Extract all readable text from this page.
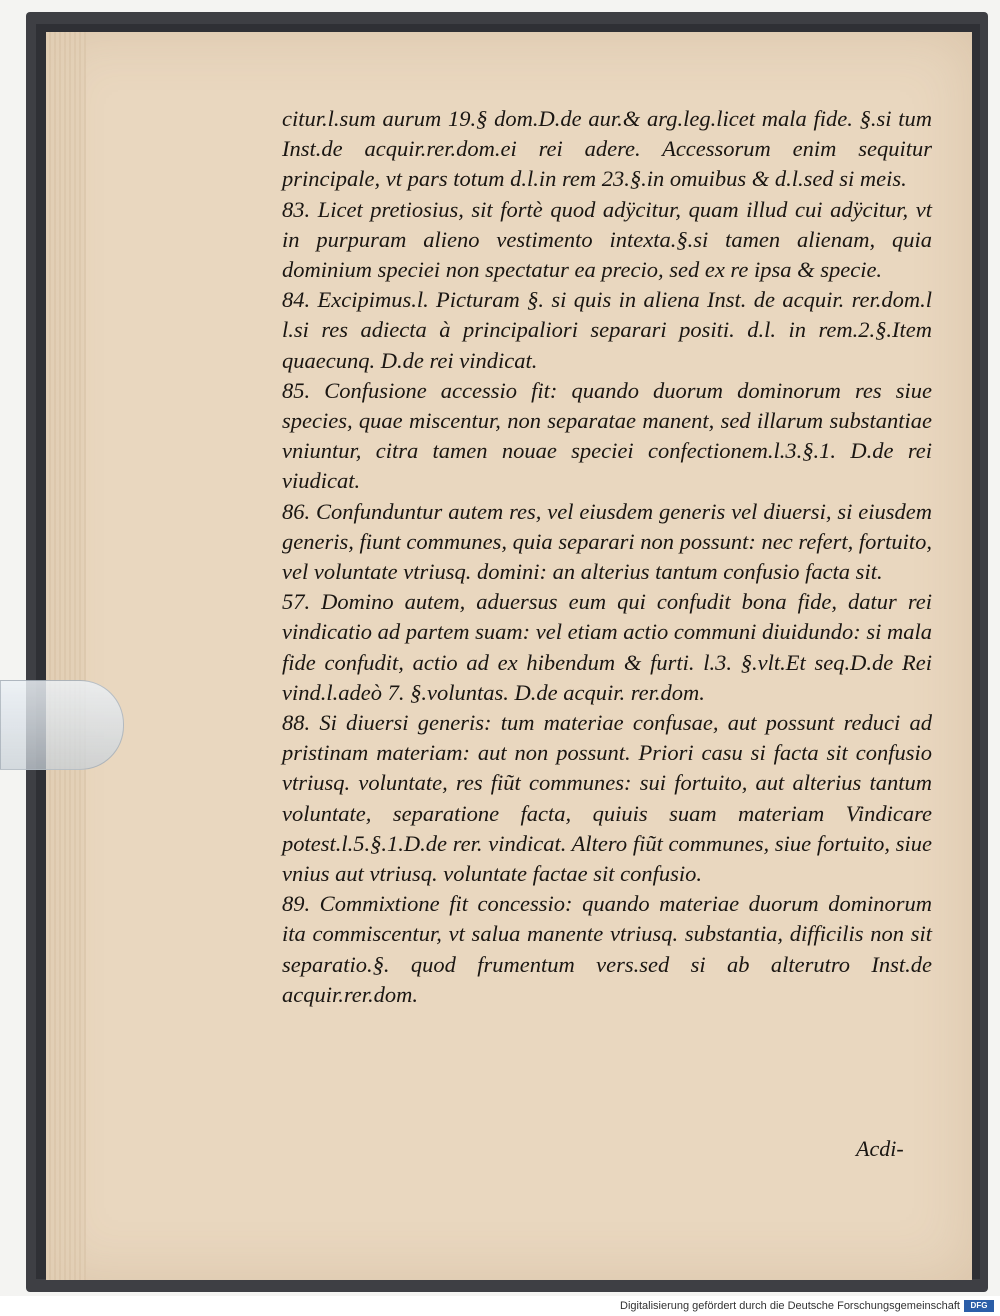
citur.l.sum aurum 19.§ dom.D.de aur.& arg.leg.licet mala fide. §.si tum Inst.de acquir.rer.dom.ei rei adere. Accessorum enim sequitur principale, vt pars totum d.l.in rem 23.§.in omuibus & d.l.sed si meis.

83. Licet pretiosius, sit fortè quod adÿcitur, quam illud cui adÿcitur, vt in purpuram alieno vestimento intexta.§.si tamen alienam, quia dominium speciei non spectatur ea precio, sed ex re ipsa & specie.

84. Excipimus.l. Picturam §. si quis in aliena Inst. de acquir. rer.dom.l l.si res adiecta à principaliori separari positi. d.l. in rem.2.§.Item quaecunq. D.de rei vindicat.

85. Confusione accessio fit: quando duorum dominorum res siue species, quae miscentur, non separatae manent, sed illarum substantiae vniuntur, citra tamen nouae speciei confectionem.l.3.§.1. D.de rei viudicat.

86. Confunduntur autem res, vel eiusdem generis vel diuersi, si eiusdem generis, fiunt communes, quia separari non possunt: nec refert, fortuito, vel voluntate vtriusq. domini: an alterius tantum confusio facta sit.

57. Domino autem, aduersus eum qui confudit bona fide, datur rei vindicatio ad partem suam: vel etiam actio communi diuidundo: si mala fide confudit, actio ad ex hibendum & furti. l.3. §.vlt.Et seq.D.de Rei vind.l.adeò 7. §.voluntas. D.de acquir. rer.dom.

88. Si diuersi generis: tum materiae confusae, aut possunt reduci ad pristinam materiam: aut non possunt. Priori casu si facta sit confusio vtriusq. voluntate, res fiũt communes: sui fortuito, aut alterius tantum voluntate, separatione facta, quiuis suam materiam Vindicare potest.l.5.§.1.D.de rer. vindicat. Altero fiũt communes, siue fortuito, siue vnius aut vtriusq. voluntate factae sit confusio.

89. Commixtione fit concessio: quando materiae duorum dominorum ita commiscentur, vt salua manente vtriusq. substantia, difficilis non sit separatio.§. quod frumentum vers.sed si ab alterutro Inst.de acquir.rer.dom.

Acdi-
Digitalisierung gefördert durch die Deutsche Forschungsgemeinschaft	DFG
